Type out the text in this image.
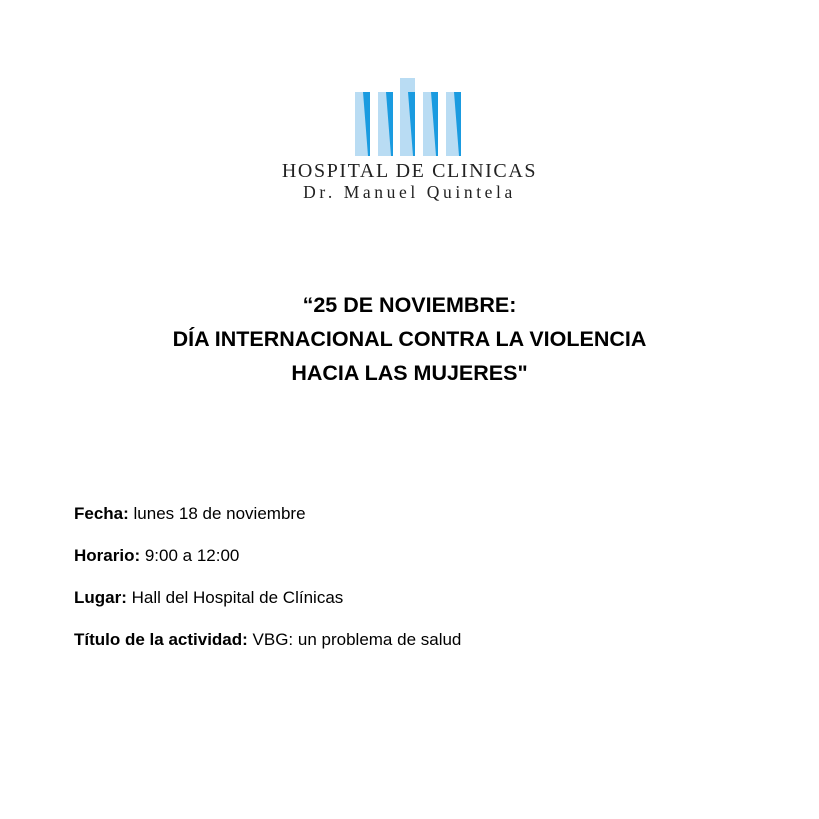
HOSPITAL DE CLINICAS
Dr. Manuel Quintela
“25 DE NOVIEMBRE:
DÍA INTERNACIONAL CONTRA LA VIOLENCIA
HACIA LAS MUJERES"
Fecha: lunes 18 de noviembre
Horario: 9:00 a 12:00
Lugar: Hall del Hospital de Clínicas
Título de la actividad: VBG: un problema de salud
